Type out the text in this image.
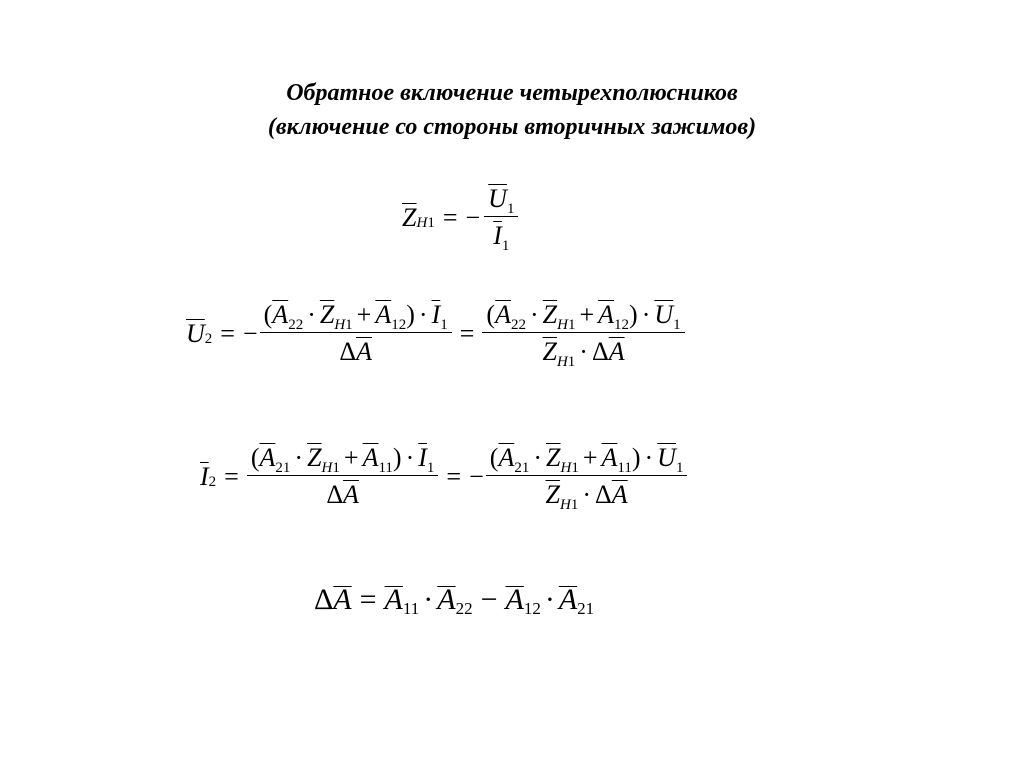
Обратное включение четырехполюсников
(включение со стороны вторичных зажимов)
Z H1 = − $\frac{U_1}{I_1}$
U 2 = − $\frac{(A_{22} \cdot Z_{H1} + A_{12}) \cdot I_1}{\Delta A} = \frac{(A_{22} \cdot Z_{H1} + A_{12}) \cdot U_1}{Z_{H1} \cdot \Delta A}$
I $2 = \frac{(A_{21} \cdot Z_{H1} + A_{11}) \cdot I_1}{\Delta A}$ = − $\frac{(A_{21} \cdot Z_{H1} + A_{11}) \cdot U_1}{Z_{H1} \cdot \Delta A}$
Δ A = A 11 · A 22 − A 12 · A 21
